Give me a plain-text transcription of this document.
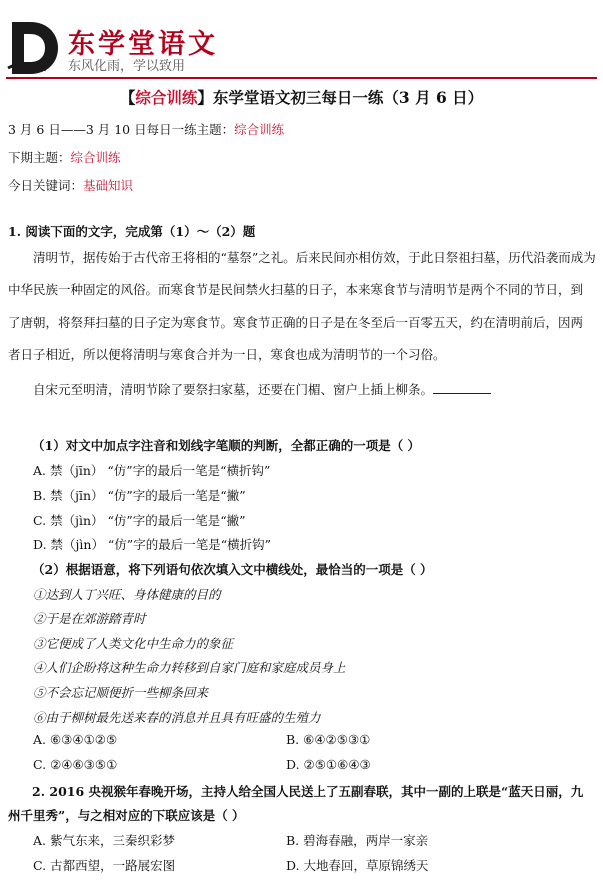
东学堂语文
东风化雨，学以致用
【综合训练】东学堂语文初三每日一练（3 月 6 日）
3 月 6 日——3 月 10 日每日一练主题：综合训练
下期主题：综合训练
今日关键词：基础知识
1. 阅读下面的文字，完成第（1）～（2）题
清明节，据传始于古代帝王将相的“墓祭”之礼。后来民间亦相仿效，于此日祭祖扫墓，历代沿袭而成为
中华民族一种固定的风俗。而寒食节是民间禁火扫墓的日子，本来寒食节与清明节是两个不同的节日，到
了唐朝，将祭拜扫墓的日子定为寒食节。寒食节正确的日子是在冬至后一百零五天，约在清明前后，因两
者日子相近，所以便将清明与寒食合并为一日，寒食也成为清明节的一个习俗。
自宋元至明清，清明节除了要祭扫家墓，还要在门楣、窗户上插上柳条。
（1）对文中加点字注音和划线字笔顺的判断，全都正确的一项是（ ）
A. 禁（jīn） “仿”字的最后一笔是“横折钩”
B. 禁（jīn） “仿”字的最后一笔是“撇”
C. 禁（jìn） “仿”字的最后一笔是“撇”
D. 禁（jìn） “仿”字的最后一笔是“横折钩”
（2）根据语意，将下列语句依次填入文中横线处，最恰当的一项是（ ）
①达到人丁兴旺、身体健康的目的
②于是在郊游踏青时
③它便成了人类文化中生命力的象征
④人们企盼将这种生命力转移到自家门庭和家庭成员身上
⑤不会忘记顺便折一些柳条回来
⑥由于柳树最先送来春的消息并且具有旺盛的生殖力
A. ⑥③④①②⑤	B. ⑥④②⑤③①
C. ②④⑥③⑤①	D. ②⑤①⑥④③
2. 2016 央视猴年春晚开场，主持人给全国人民送上了五副春联，其中一副的上联是“蓝天日丽，九
州千里秀”，与之相对应的下联应该是（ ）
A. 紫气东来，三秦织彩梦	B. 碧海春融，两岸一家亲
C. 古都西望，一路展宏图	D. 大地春回，草原锦绣天
